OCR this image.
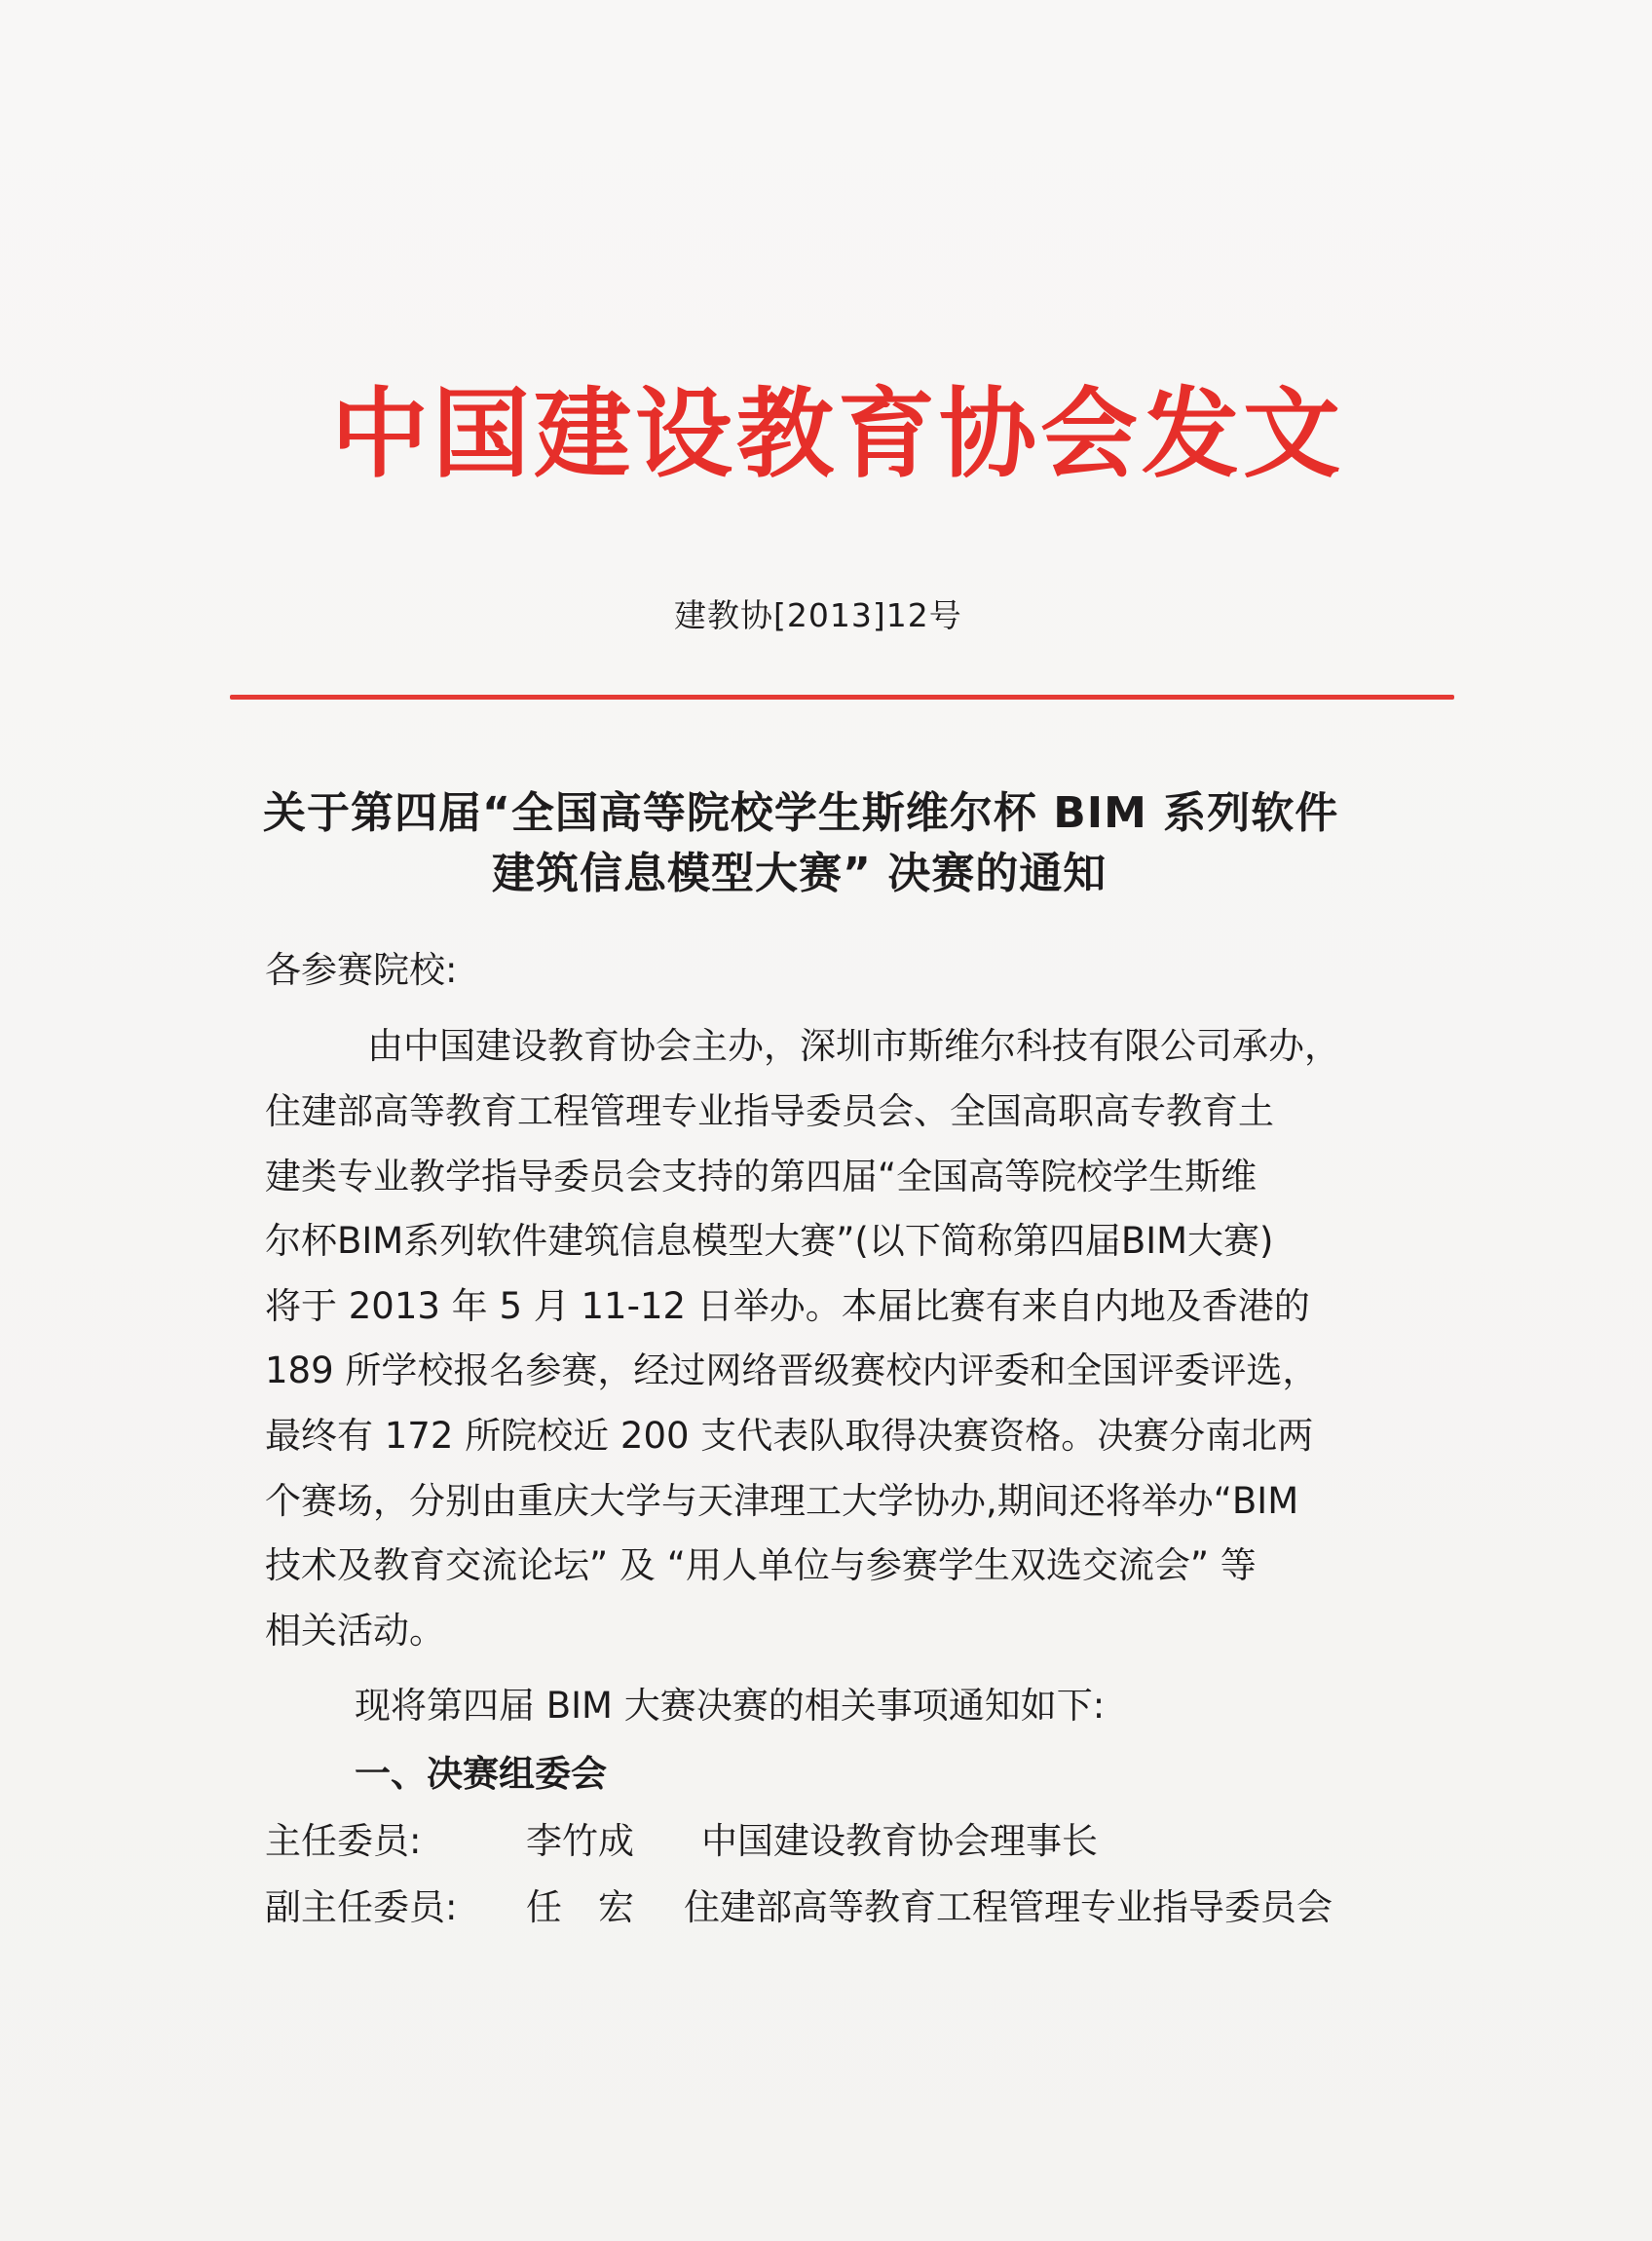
中国建设教育协会发文
建教协[2013]12号
关于第四届“全国高等院校学生斯维尔杯 BIM 系列软件
建筑信息模型大赛” 决赛的通知
各参赛院校:
由中国建设教育协会主办，深圳市斯维尔科技有限公司承办，
住建部高等教育工程管理专业指导委员会、全国高职高专教育土
建类专业教学指导委员会支持的第四届“全国高等院校学生斯维
尔杯BIM系列软件建筑信息模型大赛”(以下简称第四届BIM大赛)
将于 2013 年 5 月 11-12 日举办。本届比赛有来自内地及香港的
189 所学校报名参赛，经过网络晋级赛校内评委和全国评委评选，
最终有 172 所院校近 200 支代表队取得决赛资格。决赛分南北两
个赛场，分别由重庆大学与天津理工大学协办,期间还将举办“BIM
技术及教育交流论坛” 及 “用人单位与参赛学生双选交流会” 等
相关活动。
现将第四届 BIM 大赛决赛的相关事项通知如下:
一、决赛组委会
主任委员:	李竹成 中国建设教育协会理事长
副主任委员: 任　宏 住建部高等教育工程管理专业指导委员会
